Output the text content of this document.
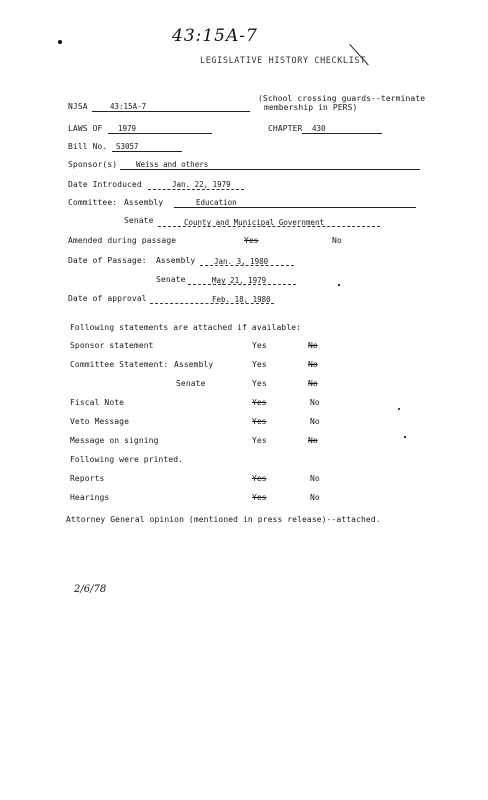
43:15A-7
LEGISLATIVE HISTORY CHECKLIST
NJSA	43:15A-7
(School crossing guards--terminate
membership in PERS)
LAWS OF 1979	CHAPTER 430
Bill No. S3057
Sponsor(s)	Weiss and others
Date Introduced	Jan. 22, 1979
Committee: Assembly	Education
Senate	County and Municipal Government
Amended during passage	Yes	No
Date of Passage: Assembly Jan. 3, 1980
Senate	May 21, 1979
Date of approval	Feb. 18, 1980
Following statements are attached if available:
Sponsor statement	Yes	No
Committee Statement: Assembly	Yes	No
Senate	Yes	No
Fiscal Note	Yes	No
Veto Message	Yes	No
Message on signing	Yes	No
Following were printed.
Reports	Yes	No
Hearings	Yes	No
Attorney General opinion (mentioned in press release)--attached.
2/6/78
